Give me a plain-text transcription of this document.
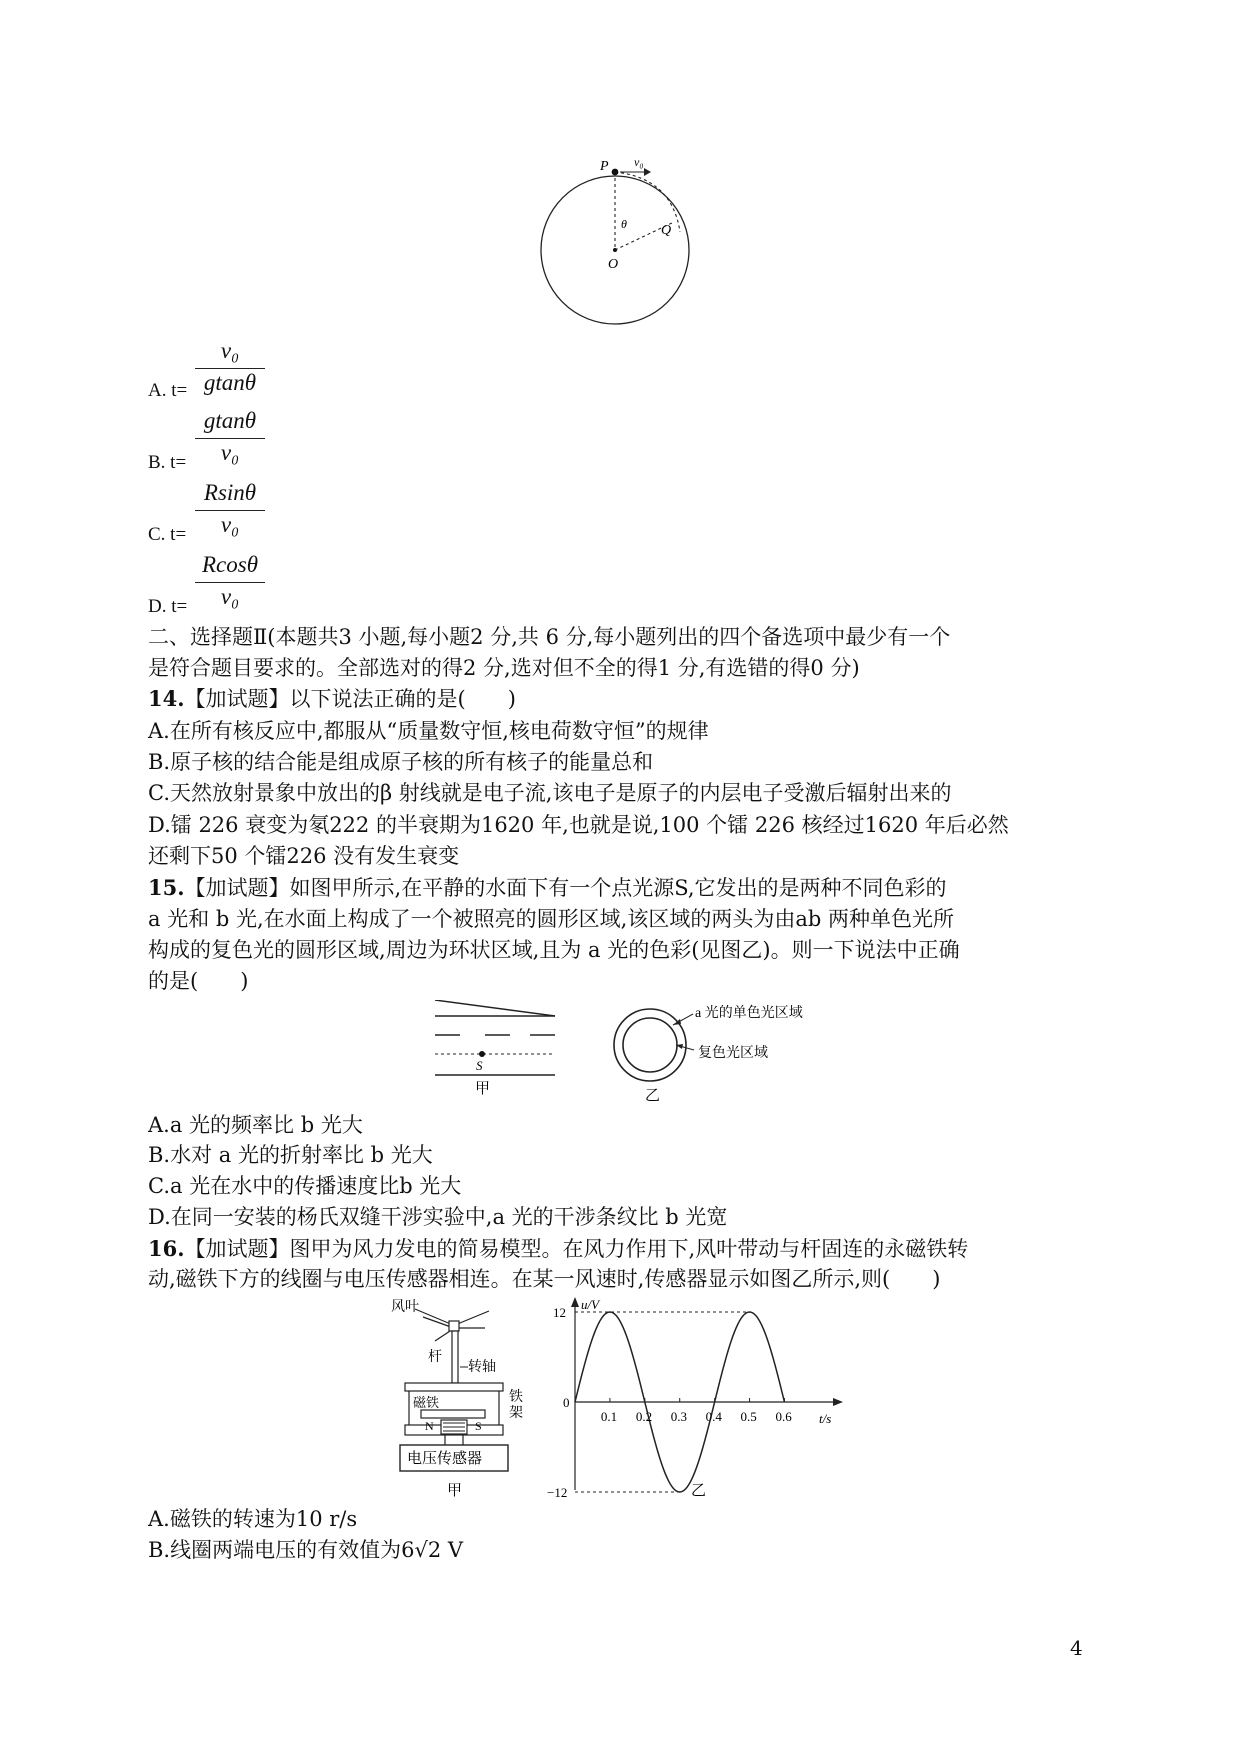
P v₀
θ Q
O
v₀
A. t= gtanθ
gtanθ
B. t=	v₀
Rsinθ
C. t=	v₀
Rcosθ
D. t=	v₀
二、选择题Ⅱ(本题共3 小题,每小题2 分,共 6 分,每小题列出的四个备选项中最少有一个
是符合题目要求的。全部选对的得2 分,选对但不全的得1 分,有选错的得0 分)
14.【加试题】以下说法正确的是(　　)
A.在所有核反应中,都服从“质量数守恒,核电荷数守恒”的规律
B.原子核的结合能是组成原子核的所有核子的能量总和
C.天然放射景象中放出的β 射线就是电子流,该电子是原子的内层电子受激后辐射出来的
D.镭 226 衰变为氡222 的半衰期为1620 年,也就是说,100 个镭 226 核经过1620 年后必然
还剩下50 个镭226 没有发生衰变
15.【加试题】如图甲所示,在平静的水面下有一个点光源S,它发出的是两种不同色彩的
a 光和 b 光,在水面上构成了一个被照亮的圆形区域,该区域的两头为由ab 两种单色光所
构成的复色光的圆形区域,周边为环状区域,且为 a 光的色彩(见图乙)。则一下说法中正确
的是(　　)
S
甲
a 光的单色光区域
复色光区域
乙
A.a 光的频率比 b 光大
B.水对 a 光的折射率比 b 光大
C.a 光在水中的传播速度比b 光大
D.在同一安装的杨氏双缝干涉实验中,a 光的干涉条纹比 b 光宽
16.【加试题】图甲为风力发电的简易模型。在风力作用下,风叶带动与杆固连的永磁铁转
动,磁铁下方的线圈与电压传感器相连。在某一风速时,传感器显示如图乙所示,则(　　)
风叶
杆
转轴
铁
架
磁铁
N	S
电压传感器
甲
0.1 0.2 0.3 0.4 0.5 0.6
12
−12
u/V
t/s
0
乙
A.磁铁的转速为10 r/s
B.线圈两端电压的有效值为6√2 V
4
